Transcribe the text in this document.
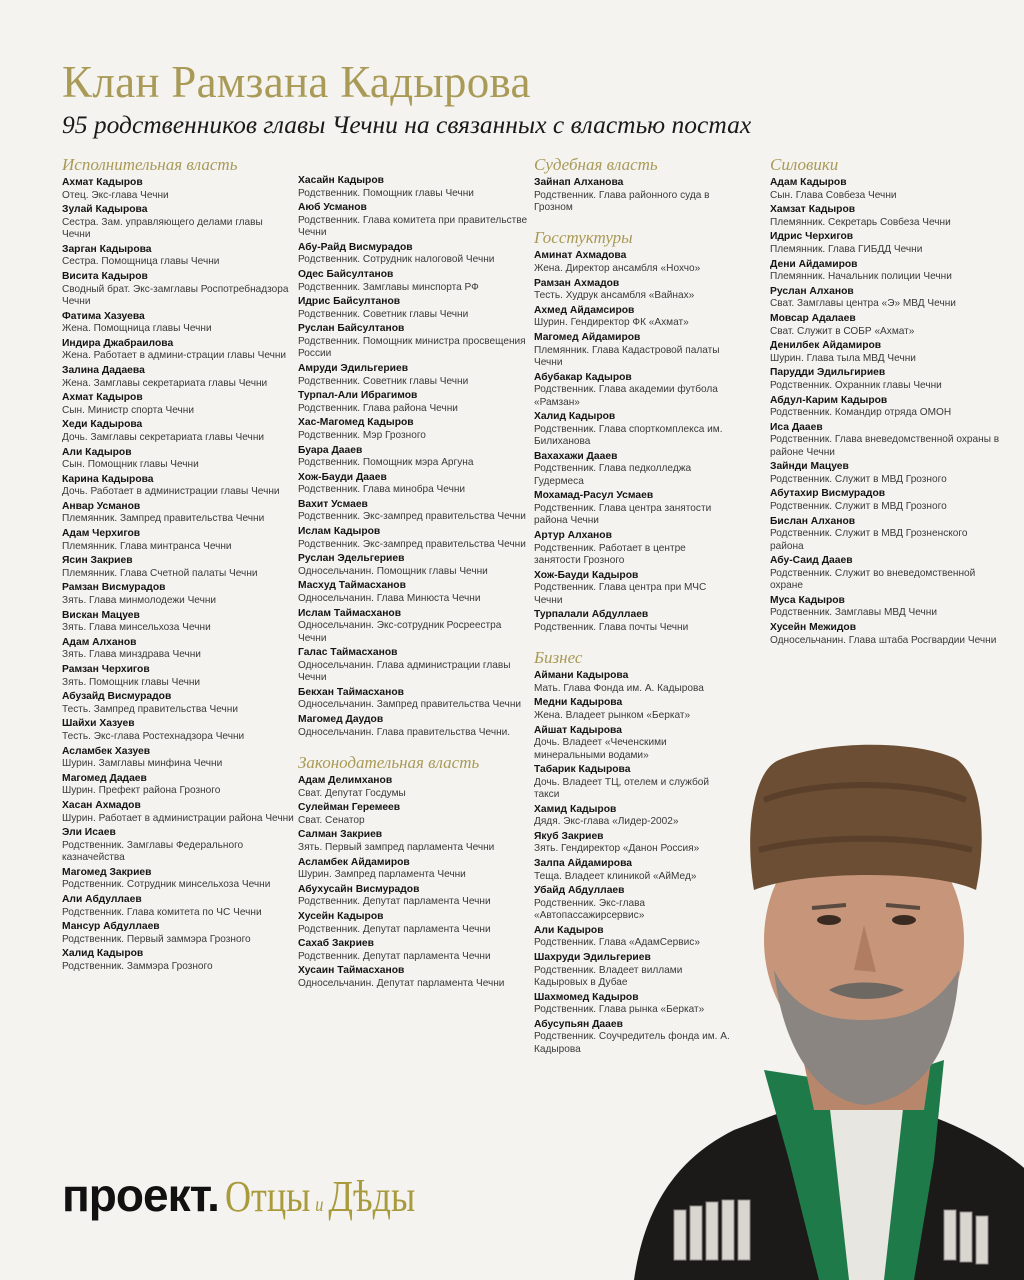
Клан Рамзана Кадырова
95 родственников главы Чечни на связанных с властью постах
Исполнительная власть
Ахмат Кадыров
Отец. Экс-глава Чечни
Зулай Кадырова
Сестра. Зам. управляющего делами главы Чечни
Зарган Кадырова
Сестра. Помощница главы Чечни
Висита Кадыров
Сводный брат. Экс-замглавы Роспотребнадзора Чечни
Фатима Хазуева
Жена. Помощница главы Чечни
Индира Джабраилова
Жена. Работает в админи-страции главы Чечни
Залина Дадаева
Жена. Замглавы секретариата главы Чечни
Ахмат Кадыров
Сын. Министр спорта Чечни
Хеди Кадырова
Дочь. Замглавы секретариата главы Чечни
Али Кадыров
Сын. Помощник главы Чечни
Карина Кадырова
Дочь. Работает в администрации главы Чечни
Анвар Усманов
Племянник. Зампред правительства Чечни
Адам Черхигов
Племянник. Глава минтранса Чечни
Ясин Закриев
Племянник. Глава Счетной палаты Чечни
Рамзан Висмурадов
Зять. Глава минмолодежи Чечни
Вискан Мацуев
Зять. Глава минсельхоза Чечни
Адам Алханов
Зять. Глава минздрава Чечни
Рамзан Черхигов
Зять. Помощник главы Чечни
Абузайд Висмурадов
Тесть. Зампред правительства Чечни
Шайхи Хазуев
Тесть. Экс-глава Ростехнадзора Чечни
Асламбек Хазуев
Шурин. Замглавы минфина Чечни
Магомед Дадаев
Шурин. Префект района Грозного
Хасан Ахмадов
Шурин. Работает в администрации района Чечни
Эли Исаев
Родственник. Замглавы Федерального казначейства
Магомед Закриев
Родственник. Сотрудник минсельхоза Чечни
Али Абдуллаев
Родственник. Глава комитета по ЧС Чечни
Мансур Абдуллаев
Родственник. Первый заммэра Грозного
Халид Кадыров
Родственник. Заммэра Грозного
Хасайн Кадыров
Родственник. Помощник главы Чечни
Аюб Усманов
Родственник. Глава комитета при правительстве Чечни
Абу-Райд Висмурадов
Родственник. Сотрудник налоговой Чечни
Одес Байсултанов
Родственник. Замглавы минспорта РФ
Идрис Байсултанов
Родственник. Советник главы Чечни
Руслан Байсултанов
Родственник. Помощник министра просвещения России
Амруди Эдильгериев
Родственник. Советник главы Чечни
Турпал-Али Ибрагимов
Родственник. Глава района Чечни
Хас-Магомед Кадыров
Родственник. Мэр Грозного
Буара Дааев
Родственник. Помощник мэра Аргуна
Хож-Бауди Дааев
Родственник. Глава минобра Чечни
Вахит Усмаев
Родственник. Экс-зампред правительства Чечни
Ислам Кадыров
Родственник. Экс-зампред правительства Чечни
Руслан Эдельгериев
Односельчанин. Помощник главы Чечни
Масхуд Таймасханов
Односельчанин. Глава Минюста Чечни
Ислам Таймасханов
Односельчанин. Экс-сотрудник Росреестра Чечни
Галас Таймасханов
Односельчанин. Глава администрации главы Чечни
Бекхан Таймасханов
Односельчанин. Зампред правительства Чечни
Магомед Даудов
Односельчанин. Глава правительства Чечни.
Законодательная власть
Адам Делимханов
Сват. Депутат Госдумы
Сулейман Геремеев
Сват. Сенатор
Салман Закриев
Зять. Первый зампред парламента Чечни
Асламбек Айдамиров
Шурин. Зампред парламента Чечни
Абухусайн Висмурадов
Родственник. Депутат парламента Чечни
Хусейн Кадыров
Родственник. Депутат парламента Чечни
Сахаб Закриев
Родственник. Депутат парламента Чечни
Хусаин Таймасханов
Односельчанин. Депутат парламента Чечни
Судебная власть
Зайнап Алханова
Родственник. Глава районного суда в Грозном
Госстуктуры
Аминат Ахмадова
Жена. Директор ансамбля «Нохчо»
Рамзан Ахмадов
Тесть. Худрук ансамбля «Вайнах»
Ахмед Айдамсиров
Шурин. Гендиректор ФК «Ахмат»
Магомед Айдамиров
Племянник. Глава Кадастровой палаты Чечни
Абубакар Кадыров
Родственник. Глава академии футбола «Рамзан»
Халид Кадыров
Родственник. Глава спорткомплекса им. Билиханова
Вахахажи Дааев
Родственник. Глава педколледжа Гудермеса
Мохамад-Расул Усмаев
Родственник. Глава центра занятости района Чечни
Артур Алханов
Родственник. Работает в центре занятости Грозного
Хож-Бауди Кадыров
Родственник. Глава центра при МЧС Чечни
Турпалали Абдуллаев
Родственник. Глава почты Чечни
Бизнес
Аймани Кадырова
Мать. Глава Фонда им. А. Кадырова
Медни Кадырова
Жена. Владеет рынком «Беркат»
Айшат Кадырова
Дочь. Владеет «Чеченскими минеральными водами»
Табарик Кадырова
Дочь. Владеет ТЦ, отелем и службой такси
Хамид Кадыров
Дядя. Экс-глава «Лидер-2002»
Якуб Закриев
Зять. Гендиректор «Данон Россия»
Залпа Айдамирова
Теща. Владеет клиникой «АйМед»
Убайд Абдуллаев
Родственник. Экс-глава «Автопассажирсервис»
Али Кадыров
Родственник. Глава «АдамСервис»
Шахруди Эдильгериев
Родственник. Владеет виллами Кадыровых в Дубае
Шахмомед Кадыров
Родственник. Глава рынка «Беркат»
Абусупьян Дааев
Родственник. Соучредитель фонда им. А. Кадырова
Силовики
Адам Кадыров
Сын. Глава Совбеза Чечни
Хамзат Кадыров
Племянник. Секретарь Совбеза Чечни
Идрис Черхигов
Племянник. Глава ГИБДД Чечни
Дени Айдамиров
Племянник. Начальник полиции Чечни
Руслан Алханов
Сват. Замглавы центра «Э» МВД Чечни
Мовсар Адалаев
Сват. Служит в СОБР «Ахмат»
Денилбек Айдамиров
Шурин. Глава тыла МВД Чечни
Парудди Эдильгириев
Родственник. Охранник главы Чечни
Абдул-Карим Кадыров
Родственник. Командир отряда ОМОН
Иса Дааев
Родственник. Глава вневедомственной охраны в районе Чечни
Зайнди Мацуев
Родственник. Служит в МВД Грозного
Абутахир Висмурадов
Родственник. Служит в МВД Грозного
Бислан Алханов
Родственник. Служит в МВД Грозненского района
Абу-Саид Дааев
Родственник. Служит во вневедомственной охране
Муса Кадыров
Родственник. Замглавы МВД Чечни
Хусейн Межидов
Односельчанин. Глава штаба Росгвардии Чечни
проект. Отцы и Дѣды
